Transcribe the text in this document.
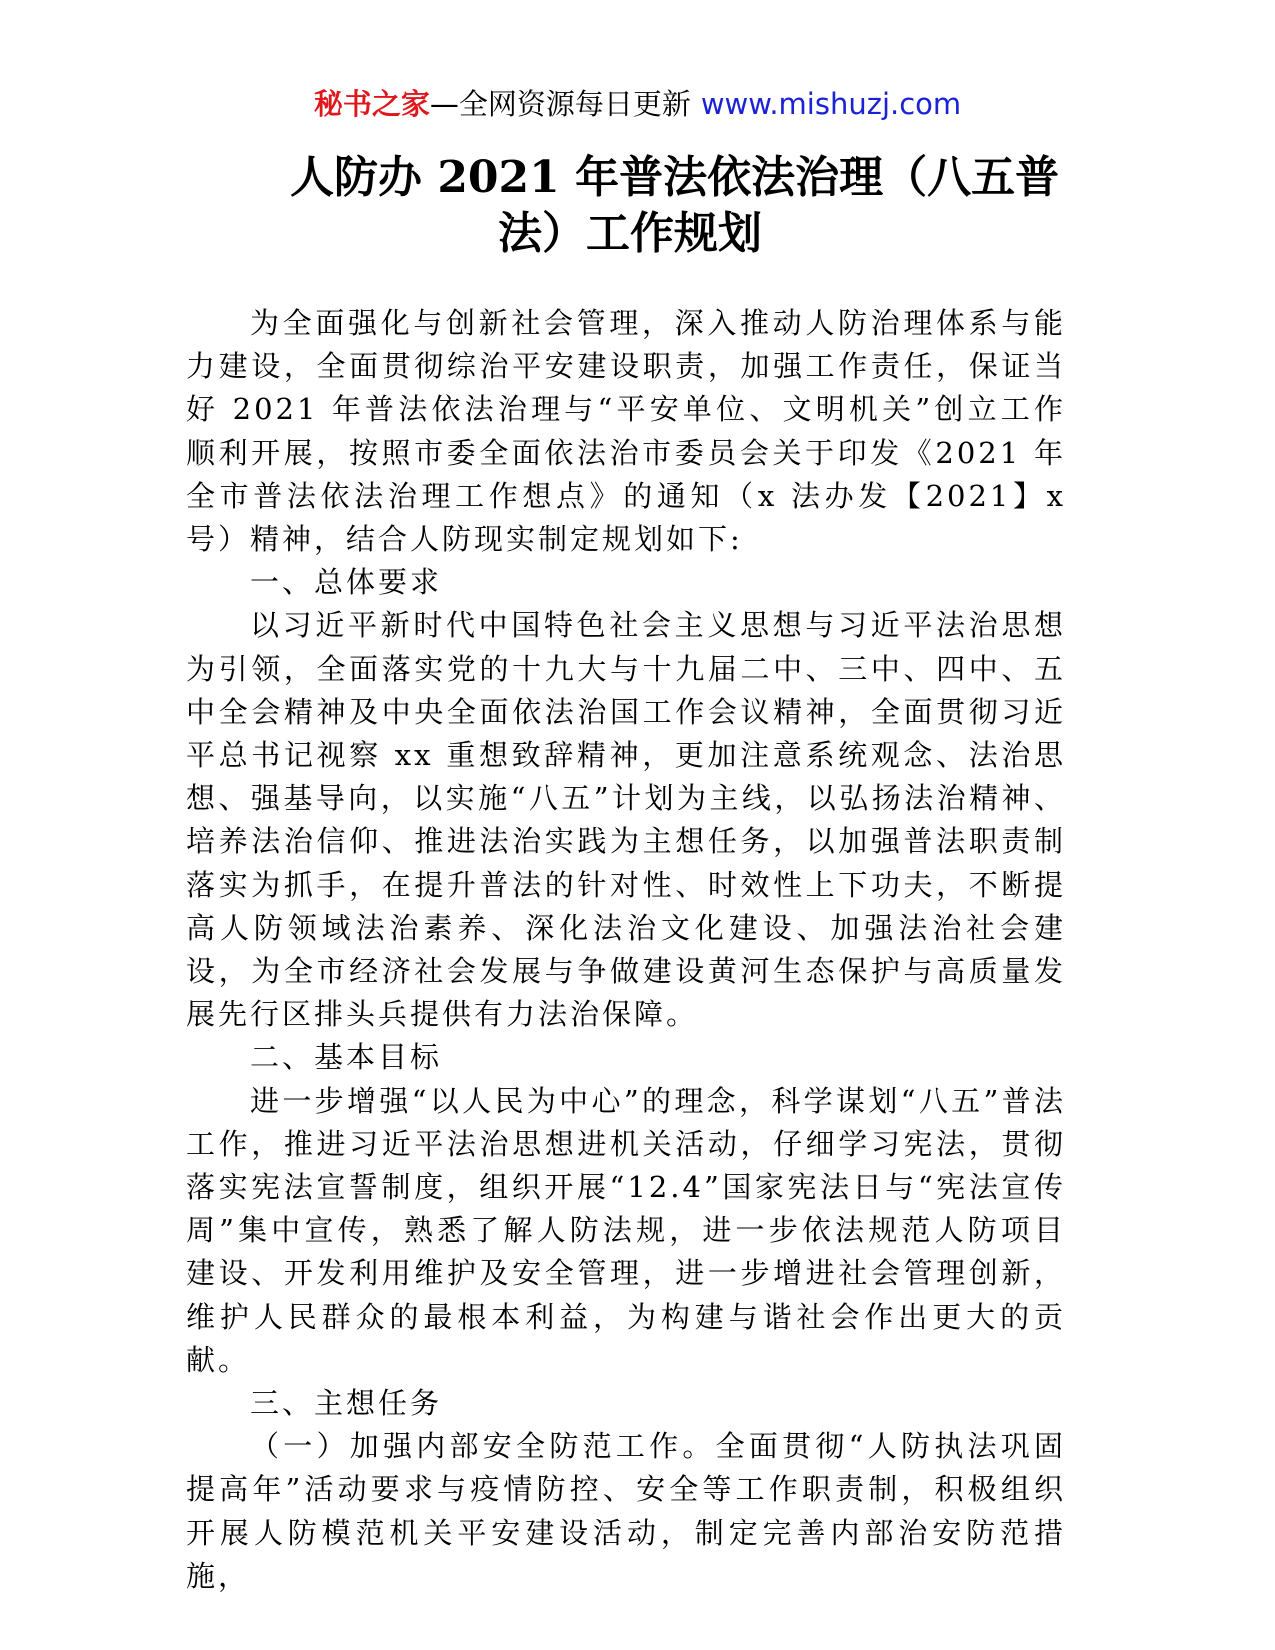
秘书之家—全网资源每日更新 www.mishuzj.com
人防办 2021 年普法依法治理（八五普
法）工作规划

为全面强化与创新社会管理，深入推动人防治理体系与能力建设，全面贯彻综治平安建设职责，加强工作责任，保证当好 2021 年普法依法治理与“平安单位、文明机关”创立工作顺利开展，按照市委全面依法治市委员会关于印发《2021 年全市普法依法治理工作想点》的通知（x 法办发【2021】x号）精神，结合人防现实制定规划如下:

一、总体要求

以习近平新时代中国特色社会主义思想与习近平法治思想为引领，全面落实党的十九大与十九届二中、三中、四中、五中全会精神及中央全面依法治国工作会议精神，全面贯彻习近平总书记视察 xx 重想致辞精神，更加注意系统观念、法治思想、强基导向，以实施“八五”计划为主线，以弘扬法治精神、培养法治信仰、推进法治实践为主想任务，以加强普法职责制落实为抓手，在提升普法的针对性、时效性上下功夫，不断提高人防领域法治素养、深化法治文化建设、加强法治社会建设，为全市经济社会发展与争做建设黄河生态保护与高质量发展先行区排头兵提供有力法治保障。

二、基本目标

进一步增强“以人民为中心”的理念，科学谋划“八五”普法工作，推进习近平法治思想进机关活动，仔细学习宪法，贯彻落实宪法宣誓制度，组织开展“12.4”国家宪法日与“宪法宣传周”集中宣传，熟悉了解人防法规，进一步依法规范人防项目建设、开发利用维护及安全管理，进一步增进社会管理创新，维护人民群众的最根本利益，为构建与谐社会作出更大的贡献。

三、主想任务

（一）加强内部安全防范工作。全面贯彻“人防执法巩固提高年”活动要求与疫情防控、安全等工作职责制，积极组织开展人防模范机关平安建设活动，制定完善内部治安防范措施，
